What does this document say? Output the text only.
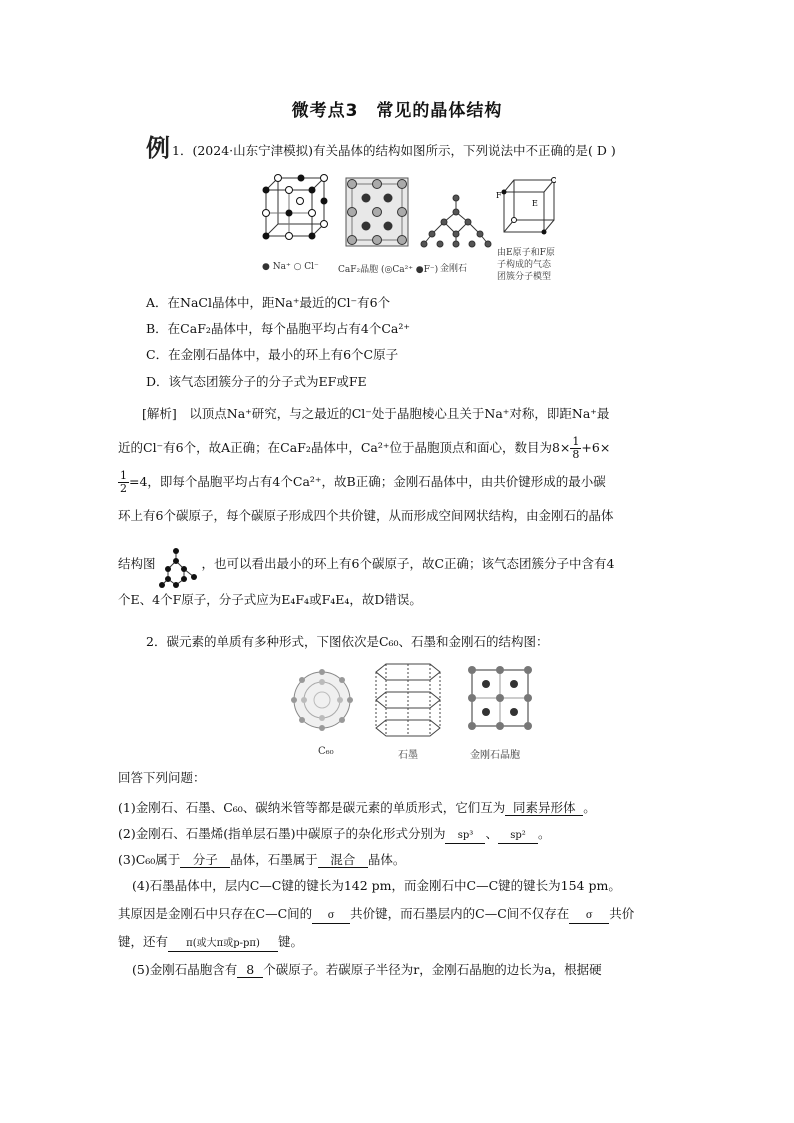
微考点3　常见的晶体结构
例 1．(2024·山东宁津模拟)有关晶体的结构如图所示，下列说法中不正确的是( D )
F
E
● Na⁺ ○ Cl⁻ CaF₂晶胞 (◎Ca²⁺ ●F⁻) 金刚石
由E原子和F原
子构成的气态
团簇分子模型
A．在NaCl晶体中，距Na⁺最近的Cl⁻有6个
B．在CaF₂晶体中，每个晶胞平均占有4个Ca²⁺
C．在金刚石晶体中，最小的环上有6个C原子
D．该气态团簇分子的分子式为EF或FE
[解析]　以顶点Na⁺研究，与之最近的Cl⁻处于晶胞棱心且关于Na⁺对称，即距Na⁺最
近的Cl⁻有6个，故A正确；在CaF₂晶体中，Ca²⁺位于晶胞顶点和面心，数目为$8\times \frac{1}{8} +6\times$
$\frac{1}{2} =4$，即每个晶胞平均占有4个Ca²⁺，故B正确；金刚石晶体中，由共价键形成的最小碳
环上有6个碳原子，每个碳原子形成四个共价键，从而形成空间网状结构，由金刚石的晶体
结构图	，也可以看出最小的环上有6个碳原子，故C正确；该气态团簇分子中含有4
个E、4个F原子，分子式应为E₄F₄或F₄E₄，故D错误。
2．碳元素的单质有多种形式，下图依次是C₆₀、石墨和金刚石的结构图：
C₆₀	石墨	金刚石晶胞
回答下列问题：
(1)金刚石、石墨、C₆₀、碳纳米管等都是碳元素的单质形式，它们互为 同素异形体 。
(2)金刚石、石墨烯(指单层石墨)中碳原子的杂化形式分别为 sp³ 、 sp² 。
(3)C₆₀属于 分子 晶体，石墨属于 混合 晶体。
(4)石墨晶体中，层内C—C键的键长为142 pm，而金刚石中C—C键的键长为154 pm。
其原因是金刚石中只存在C—C间的 σ 共价键，而石墨层内的C—C间不仅存在 σ 共价
键，还有 π(或大π或p-pπ) 键。
(5)金刚石晶胞含有 8 个碳原子。若碳原子半径为r，金刚石晶胞的边长为a，根据硬
